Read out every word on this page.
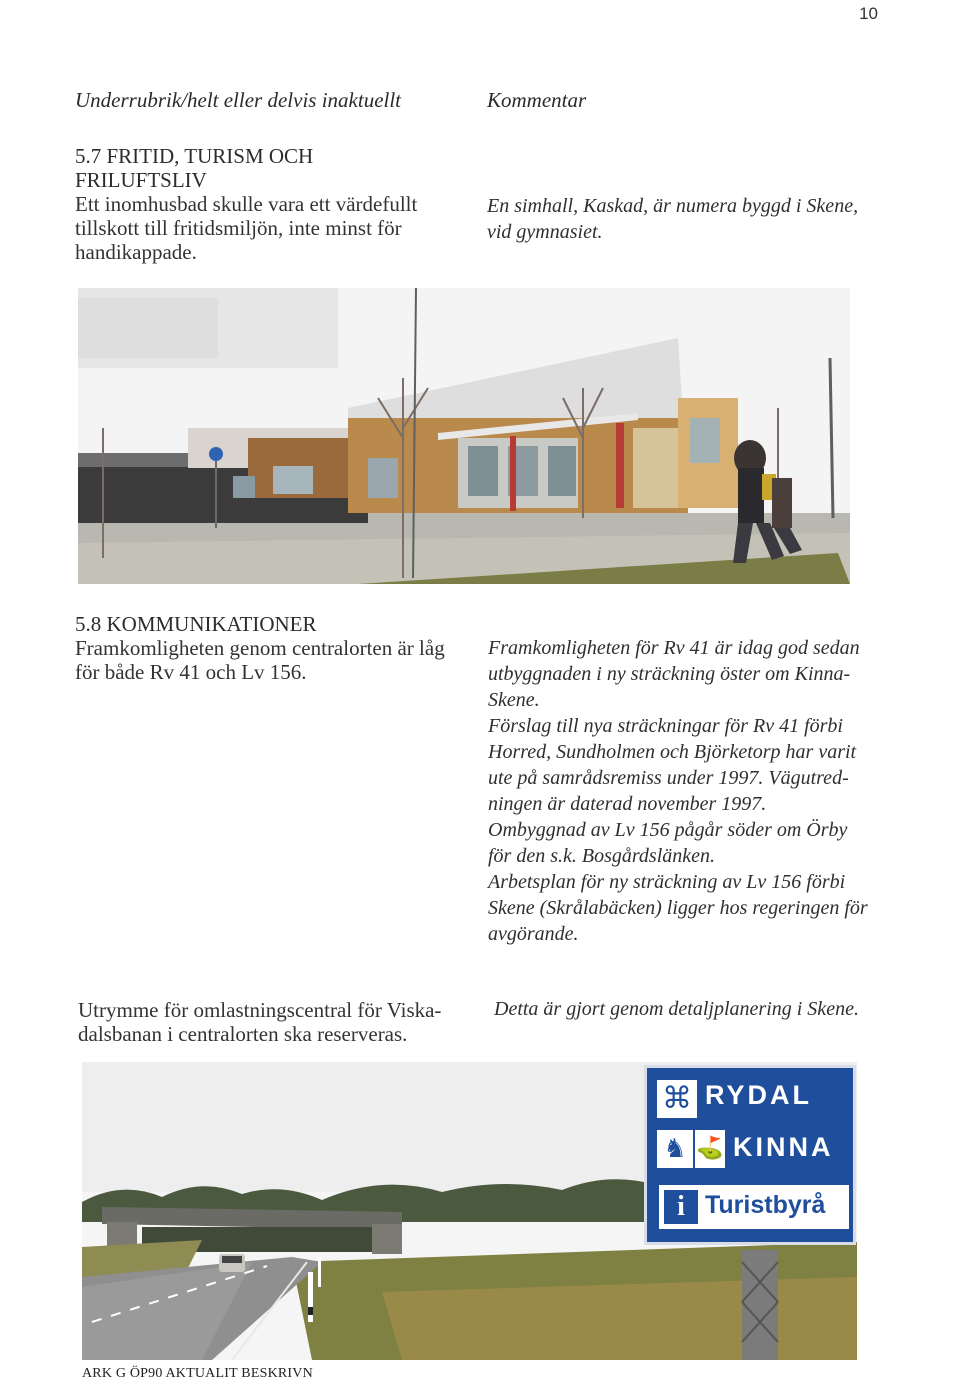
10
Underrubrik/helt eller delvis inaktuellt	Kommentar
5.7 FRITID, TURISM OCH
FRILUFTSLIV
Ett inomhusbad skulle vara ett värdefullt
tillskott till fritidsmiljön, inte minst för
handikappade.

En simhall, Kaskad, är numera byggd i Skene,

vid gymnasiet.

5.8 KOMMUNIKATIONER
Framkomligheten genom centralorten är låg
för både Rv 41 och Lv 156.

Framkomligheten för Rv 41 är idag god sedan

utbyggnaden i ny sträckning öster om Kinna-

Skene.

Förslag till nya sträckningar för Rv 41 förbi

Horred, Sundholmen och Björketorp har varit

ute på samrådsremiss under 1997. Vägutred-

ningen är daterad november 1997.

Ombyggnad av Lv 156 pågår söder om Örby

för den s.k. Bosgårdslänken.

Arbetsplan för ny sträckning av Lv 156 förbi

Skene (Skrålabäcken) ligger hos regeringen för

avgörande.

Utrymme för omlastningscentral för Viska-
dalsbanan i centralorten ska reserveras.

Detta är gjort genom detaljplanering i Skene.

⌘ RYDAL
♞ ⛳ KINNA
i Turistbyrå
ARK G ÖP90 AKTUALIT BESKRIVN
